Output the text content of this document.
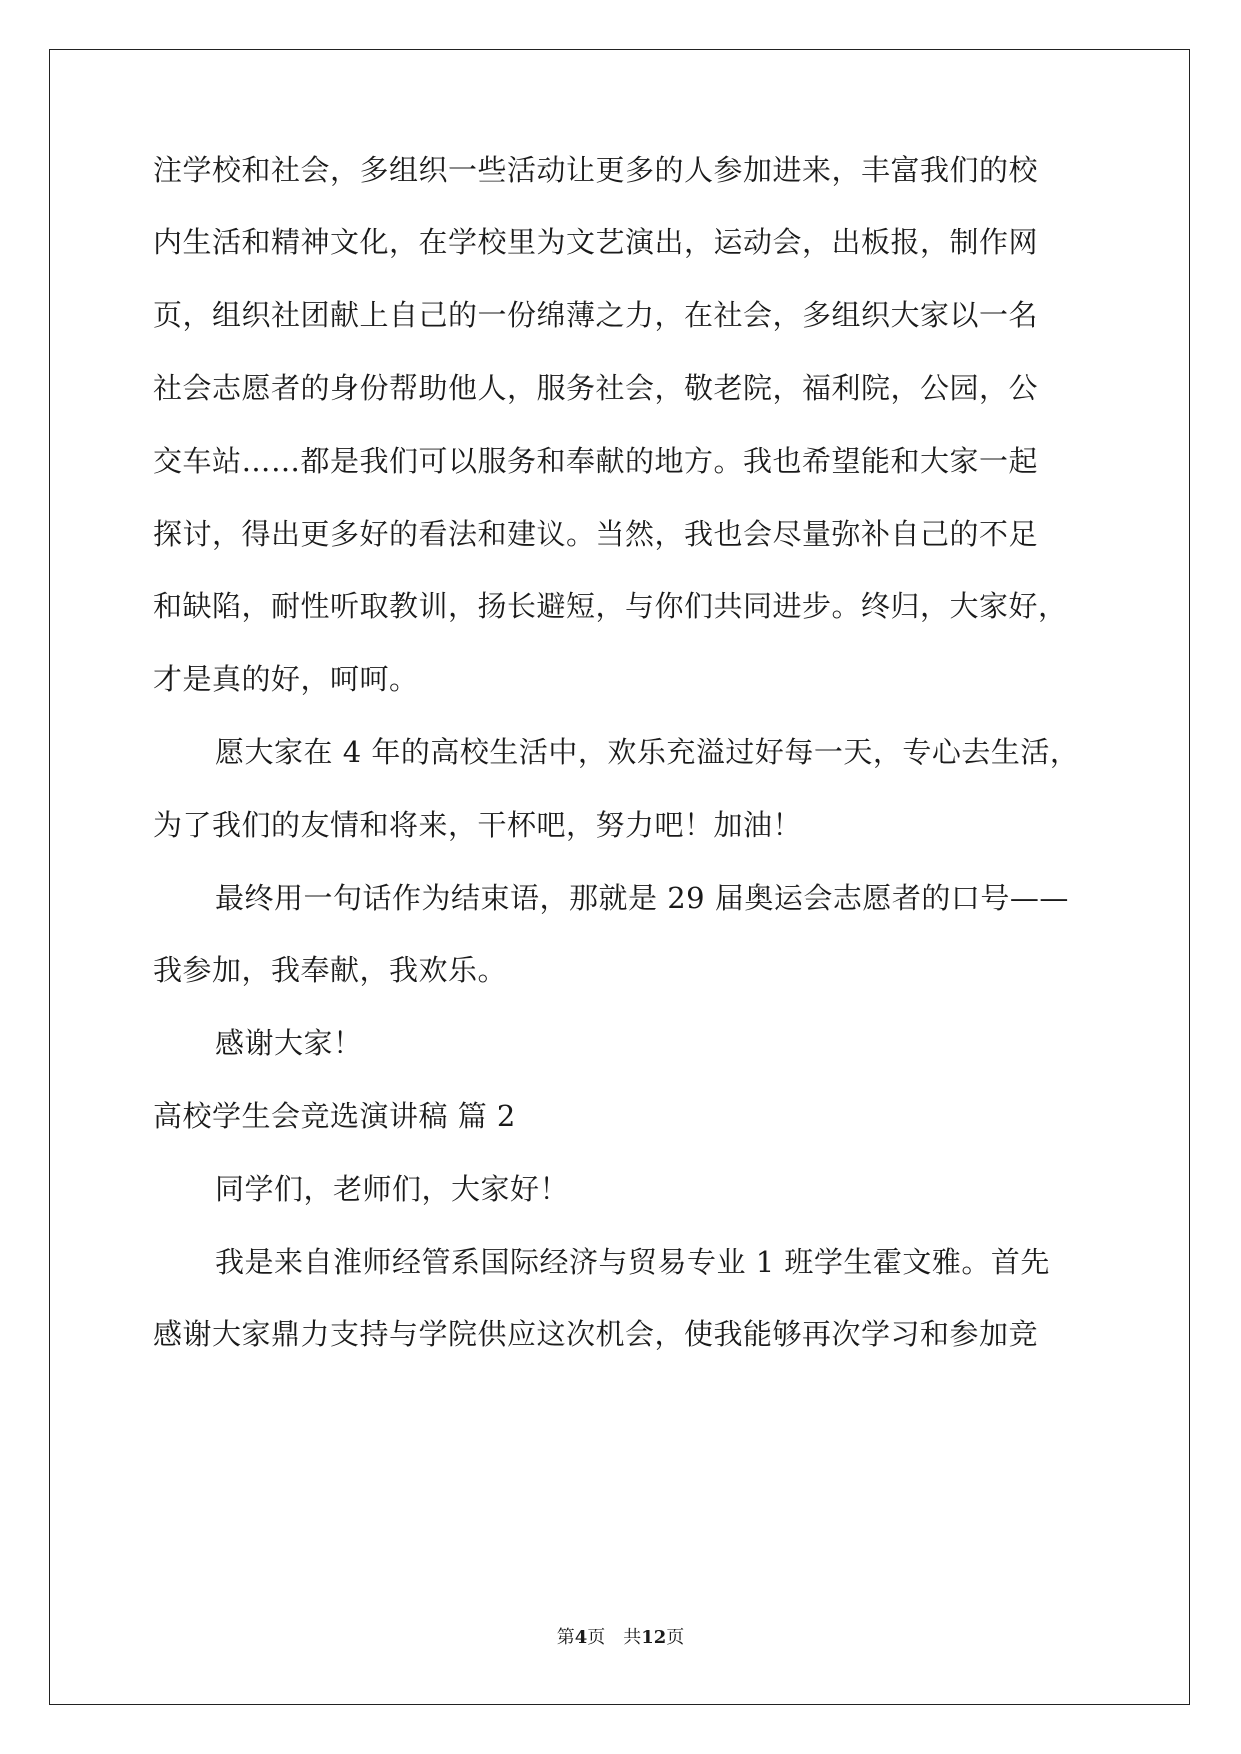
注学校和社会，多组织一些活动让更多的人参加进来，丰富我们的校
内生活和精神文化，在学校里为文艺演出，运动会，出板报，制作网
页，组织社团献上自己的一份绵薄之力，在社会，多组织大家以一名
社会志愿者的身份帮助他人，服务社会，敬老院，福利院，公园，公
交车站……都是我们可以服务和奉献的地方。我也希望能和大家一起
探讨，得出更多好的看法和建议。当然，我也会尽量弥补自己的不足
和缺陷，耐性听取教训，扬长避短，与你们共同进步。终归，大家好，
才是真的好，呵呵。
愿大家在 4 年的高校生活中，欢乐充溢过好每一天，专心去生活，
为了我们的友情和将来，干杯吧，努力吧！加油！
最终用一句话作为结束语，那就是 29 届奥运会志愿者的口号——
我参加，我奉献，我欢乐。
感谢大家！
高校学生会竞选演讲稿 篇 2
同学们，老师们，大家好！
我是来自淮师经管系国际经济与贸易专业 1 班学生霍文雅。首先
感谢大家鼎力支持与学院供应这次机会，使我能够再次学习和参加竞
第4页　共12页
